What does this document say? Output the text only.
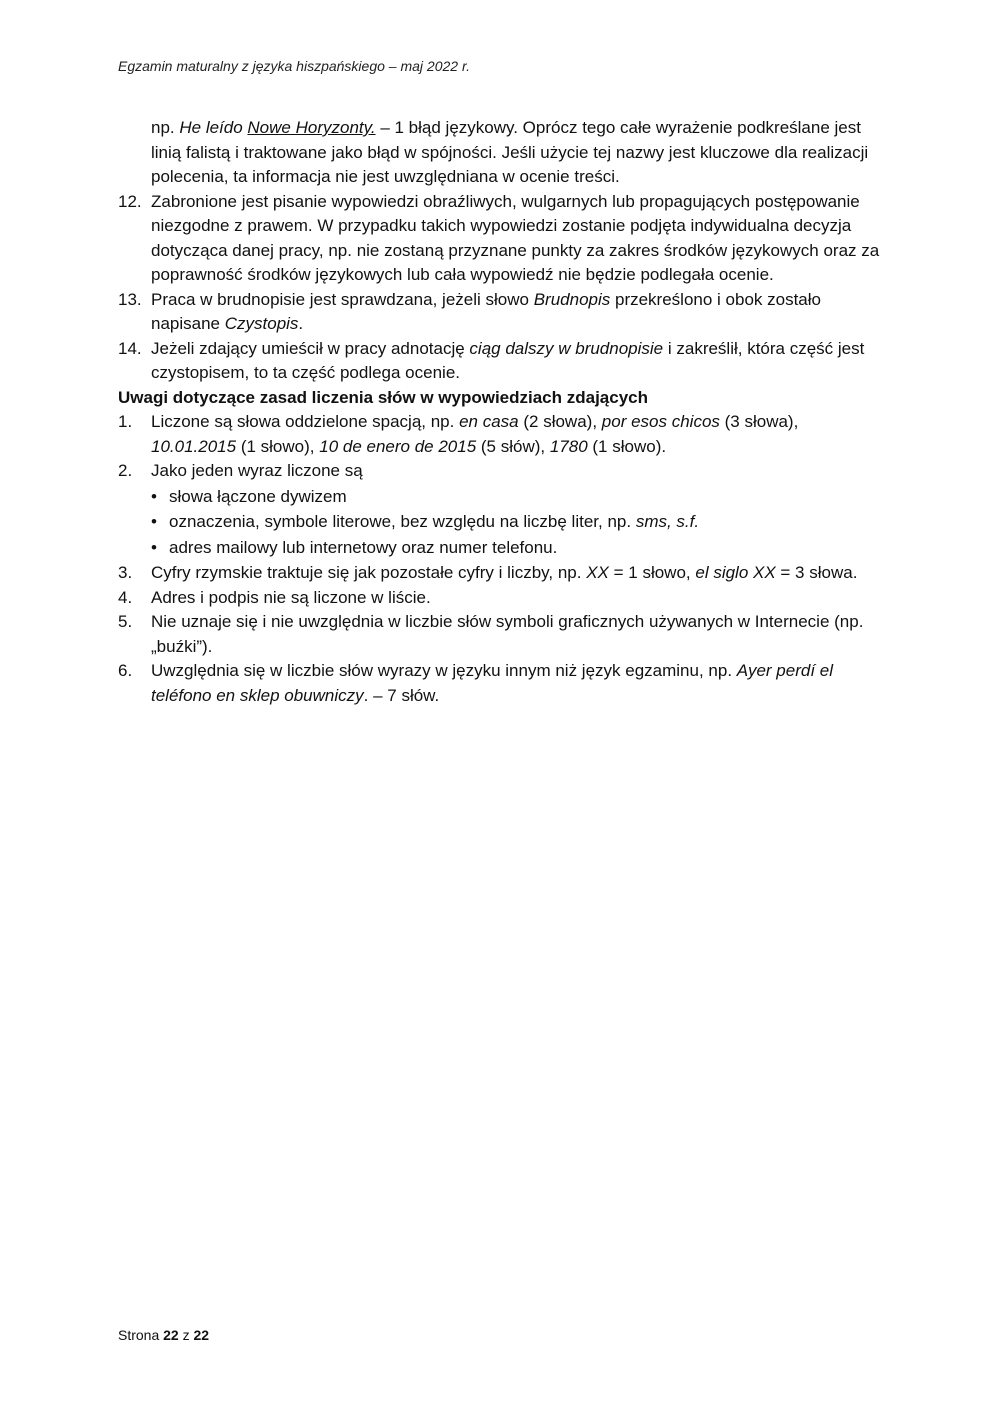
Egzamin maturalny z języka hiszpańskiego – maj 2022 r.

np. He leído Nowe Horyzonty. – 1 błąd językowy. Oprócz tego całe wyrażenie podkreślane jest linią falistą i traktowane jako błąd w spójności. Jeśli użycie tej nazwy jest kluczowe dla realizacji polecenia, ta informacja nie jest uwzględniana w ocenie treści.

12. Zabronione jest pisanie wypowiedzi obraźliwych, wulgarnych lub propagujących postępowanie niezgodne z prawem. W przypadku takich wypowiedzi zostanie podjęta indywidualna decyzja dotycząca danej pracy, np. nie zostaną przyznane punkty za zakres środków językowych oraz za poprawność środków językowych lub cała wypowiedź nie będzie podlegała ocenie.
13. Praca w brudnopisie jest sprawdzana, jeżeli słowo Brudnopis przekreślono i obok zostało napisane Czystopis.
14. Jeżeli zdający umieścił w pracy adnotację ciąg dalszy w brudnopisie i zakreślił, która część jest czystopisem, to ta część podlega ocenie.

Uwagi dotyczące zasad liczenia słów w wypowiedziach zdających

1.	Liczone są słowa oddzielone spacją, np. en casa (2 słowa), por esos chicos (3 słowa), 10.01.2015 (1 słowo), 10 de enero de 2015 (5 słów), 1780 (1 słowo).
2.	Jako jeden wyraz liczone są
• słowa łączone dywizem
• oznaczenia, symbole literowe, bez względu na liczbę liter, np. sms, s.f.
• adres mailowy lub internetowy oraz numer telefonu.
3.	Cyfry rzymskie traktuje się jak pozostałe cyfry i liczby, np. XX = 1 słowo, el siglo XX = 3 słowa.
4.	Adres i podpis nie są liczone w liście.
5.	Nie uznaje się i nie uwzględnia w liczbie słów symboli graficznych używanych w Internecie (np. „buźki”).
6.	Uwzględnia się w liczbie słów wyrazy w języku innym niż język egzaminu, np. Ayer perdí el teléfono en sklep obuwniczy. – 7 słów.
Strona 22 z 22
